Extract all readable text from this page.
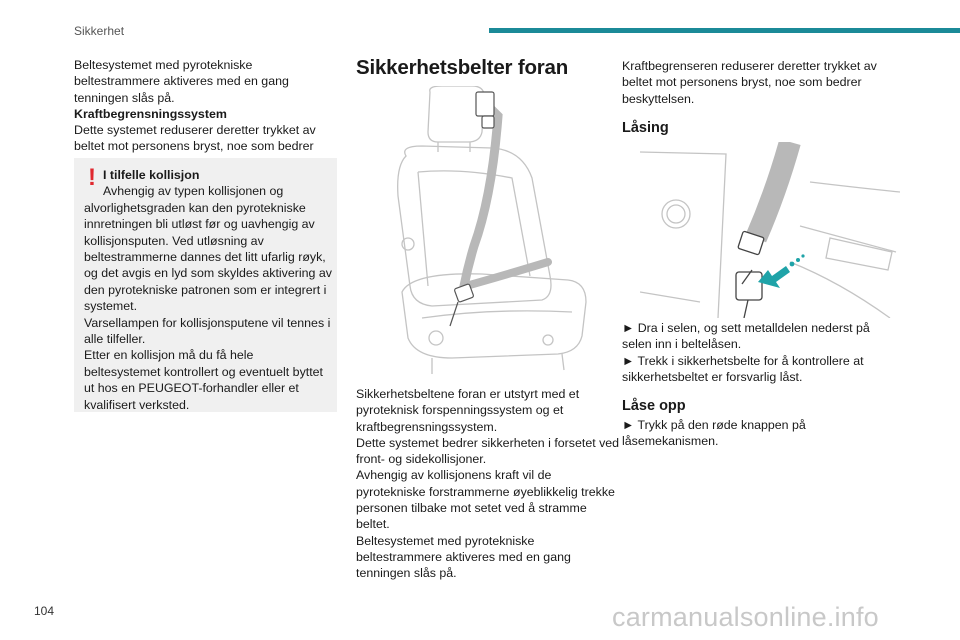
Sikkerhet

Beltesystemet med pyrotekniske beltestrammere aktiveres med en gang tenningen slås på.

Kraftbegrensningssystem

Dette systemet reduserer deretter trykket av beltet mot personens bryst, noe som bedrer

! I tilfelle kollisjon

Avhengig av typen kollisjonen og alvorlighetsgraden kan den pyrotekniske innretningen bli utløst før og uavhengig av kollisjonsputen. Ved utløsning av beltestrammerne dannes det litt ufarlig røyk, og det avgis en lyd som skyldes aktivering av den pyrotekniske patronen som er integrert i systemet.

Varsellampen for kollisjonsputene vil tennes i alle tilfeller.

Etter en kollisjon må du få hele beltesystemet kontrollert og eventuelt byttet ut hos en PEUGEOT-forhandler eller et kvalifisert verksted.

Sikkerhetsbelter foran

Sikkerhetsbeltene foran er utstyrt med et pyroteknisk forspenningssystem og et kraftbegrensningssystem.

Dette systemet bedrer sikkerheten i forsetet ved front- og sidekollisjoner.

Avhengig av kollisjonens kraft vil de pyrotekniske forstrammerne øyeblikkelig trekke personen tilbake mot setet ved å stramme beltet.

Beltesystemet med pyrotekniske beltestrammere aktiveres med en gang tenningen slås på.

Kraftbegrenseren reduserer deretter trykket av beltet mot personens bryst, noe som bedrer beskyttelsen.

Låsing

► Dra i selen, og sett metalldelen nederst på selen inn i beltelåsen.

► Trekk i sikkerhetsbelte for å kontrollere at sikkerhetsbeltet er forsvarlig låst.

Låse opp

► Trykk på den røde knappen på låsemekanismen.

104	carmanualsonline.info
